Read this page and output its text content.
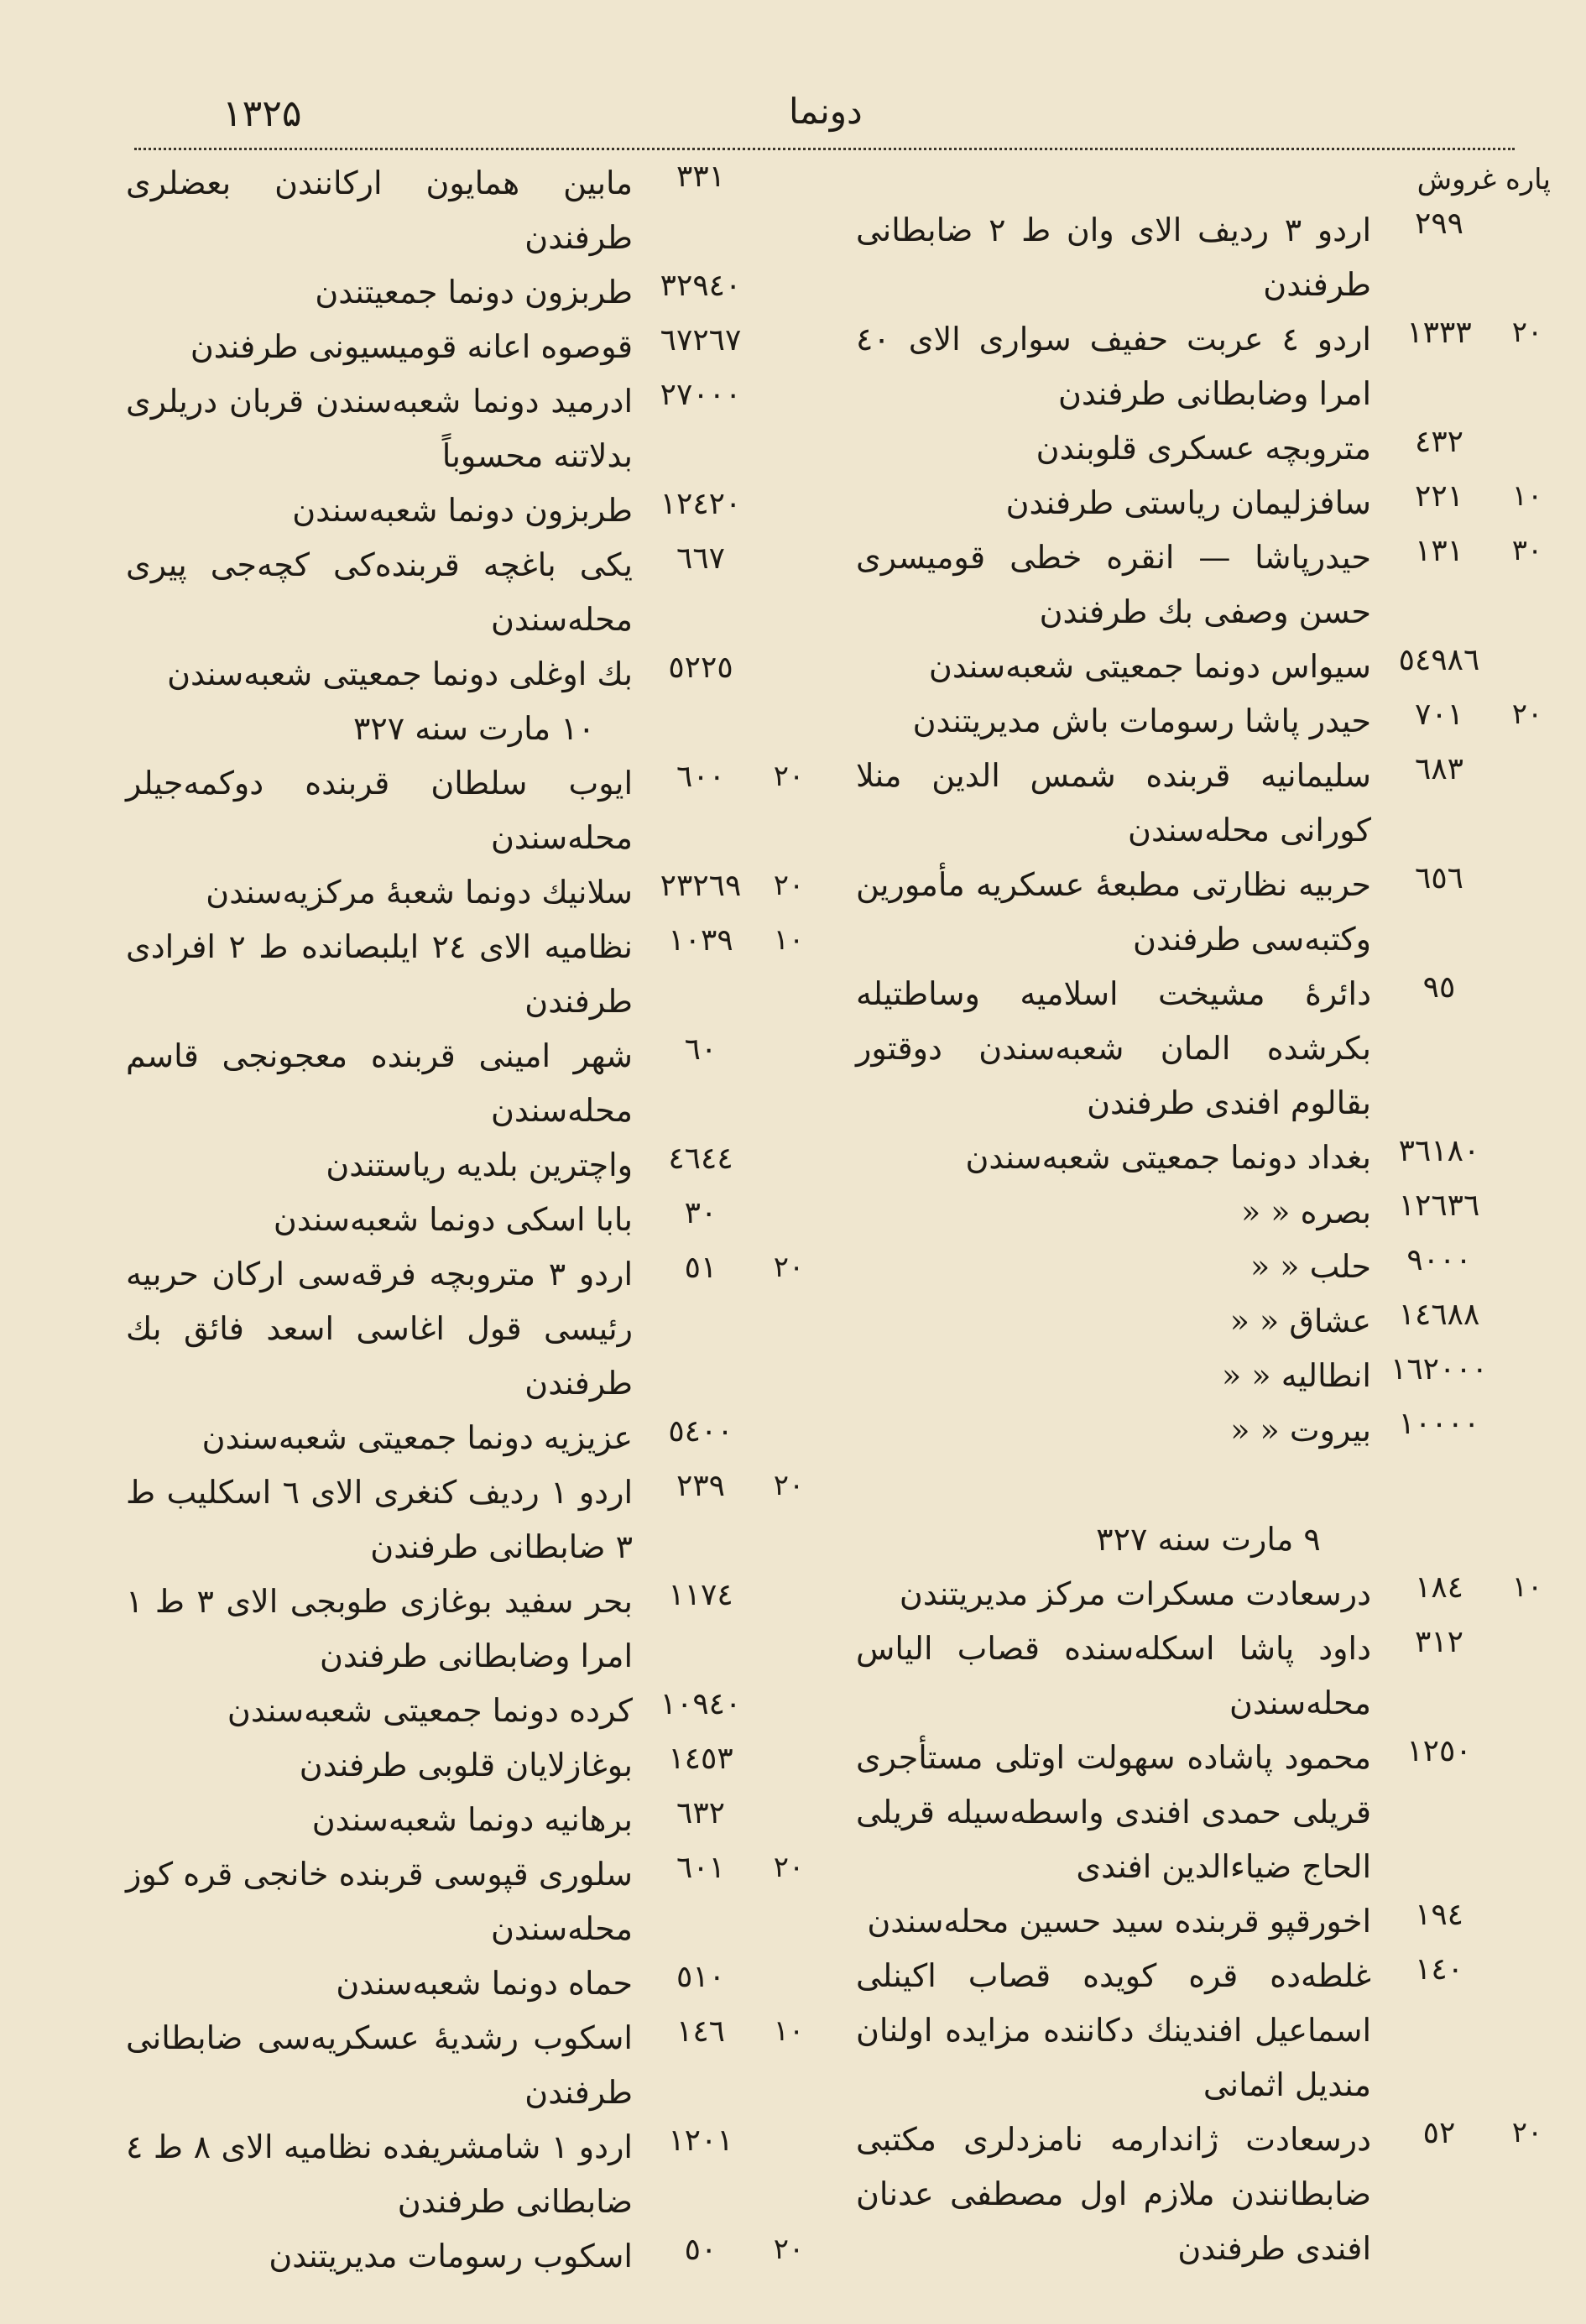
۱۳۲۵	دونما
پاره غروش
۲۹۹
اردو ۳ ردیف الای وان ط ۲ ضابطانی طرفندن
۲۰
۱۳۳۳
اردو ٤ عربت حفیف سواری الای ٤٠ امرا وضابطانی طرفندن
٤۳۲
متروبچه عسکری قلوبندن
۱۰
۲۲۱
سافزلیمان ریاستی طرفندن
۳۰
۱۳۱
حیدرپاشا — انقره خطی قومیسری حسن وصفی بك طرفندن
٥٤۹۸٦
سیواس دونما جمعیتی شعبه‌سندن
۲۰
۷۰۱
حیدر پاشا رسومات باش مدیریتندن
٦۸۳
سلیمانیه قربنده شمس الدین منلا کورانی محله‌سندن
٦٥٦
حربیه نظارتی مطبعهٔ عسکریه مأمورین وکتبه‌سی طرفندن
۹٥
دائرهٔ مشیخت اسلامیه وساطتیله بکرشده المان شعبه‌سندن دوقتور بقالوم افندی طرفندن
۳٦۱۸۰
بغداد دونما جمعیتی شعبه‌سندن
۱۲٦۳٦
بصره « «
۹۰۰۰
حلب « «
۱٤٦۸۸
عشاق « «
۱٦۲۰۰۰
انطالیه « «
۱۰۰۰۰
بیروت « «
۹ مارت سنه ۳۲۷
۱۰
۱۸٤
درسعادت مسکرات مرکز مدیریتندن
۳۱۲
داود پاشا اسکله‌سنده قصاب الیاس محله‌سندن
۱۲٥۰
محمود پاشاده سهولت اوتلی مستأجری قریلی حمدی افندی واسطه‌سیله قریلی الحاج ضیاءالدین افندی
۱۹٤
اخورقپو قربنده سید حسین محله‌سندن
۱٤۰
غلطه‌ده قره کویده قصاب اکینلی اسماعیل افندینك دکاننده مزایده اولنان مندیل اثمانی
۲۰
٥۲
درسعادت ژاندارمه نامزدلری مکتبی ضابطانندن ملازم اول مصطفی عدنان افندی طرفندن
۳۳۱
مابین همایون ارکانندن بعضلری طرفندن
۳۲۹٤۰
طربزون دونما جمعیتندن
٦۷۲٦۷
قوصوه اعانه قومیسیونی طرفندن
۲۷۰۰۰
ادرمید دونما شعبه‌سندن قربان دریلری بدلاتنه محسوباً
۱۲٤۲۰
طربزون دونما شعبه‌سندن
٦٦۷
یکی باغچه قربنده‌کی کچه‌جی پیری محله‌سندن
٥۲۲٥
بك اوغلی دونما جمعیتی شعبه‌سندن
۱۰ مارت سنه ۳۲۷
۲۰
٦۰۰
ایوب سلطان قربنده دوکمه‌جیلر محله‌سندن
۲۰
۲۳۲٦۹
سلانیك دونما شعبهٔ مرکزیه‌سندن
۱۰
۱۰۳۹
نظامیه الای ۲٤ ایلبصانده ط ۲ افرادی طرفندن
٦۰
شهر امینی قربنده معجونجی قاسم محله‌سندن
٤٦٤٤
واچترین بلدیه ریاستندن
۳۰
بابا اسکی دونما شعبه‌سندن
۲۰
٥۱
اردو ۳ متروبچه فرقه‌سی ارکان حربیه رئیسی قول اغاسی اسعد فائق بك طرفندن
٥٤۰۰
عزیزیه دونما جمعیتی شعبه‌سندن
۲۰
۲۳۹
اردو ۱ ردیف کنغری الای ٦ اسکلیب ط ۳ ضابطانی طرفندن
۱۱۷٤
بحر سفید بوغازی طوبجی الای ۳ ط ۱ امرا وضابطانی طرفندن
۱۰۹٤۰
کرده دونما جمعیتی شعبه‌سندن
۱٤٥۳
بوغازلایان قلوبی طرفندن
٦۳۲
برهانیه دونما شعبه‌سندن
۲۰
٦۰۱
سلوری قپوسی قربنده خانجی قره کوز محله‌سندن
٥۱۰
حماه دونما شعبه‌سندن
۱۰
۱٤٦
اسکوب رشدیهٔ عسکریه‌سی ضابطانی طرفندن
۱۲۰۱
اردو ۱ شامشریفده نظامیه الای ۸ ط ٤ ضابطانی طرفندن
۲۰
٥۰
اسکوب رسومات مدیریتندن
